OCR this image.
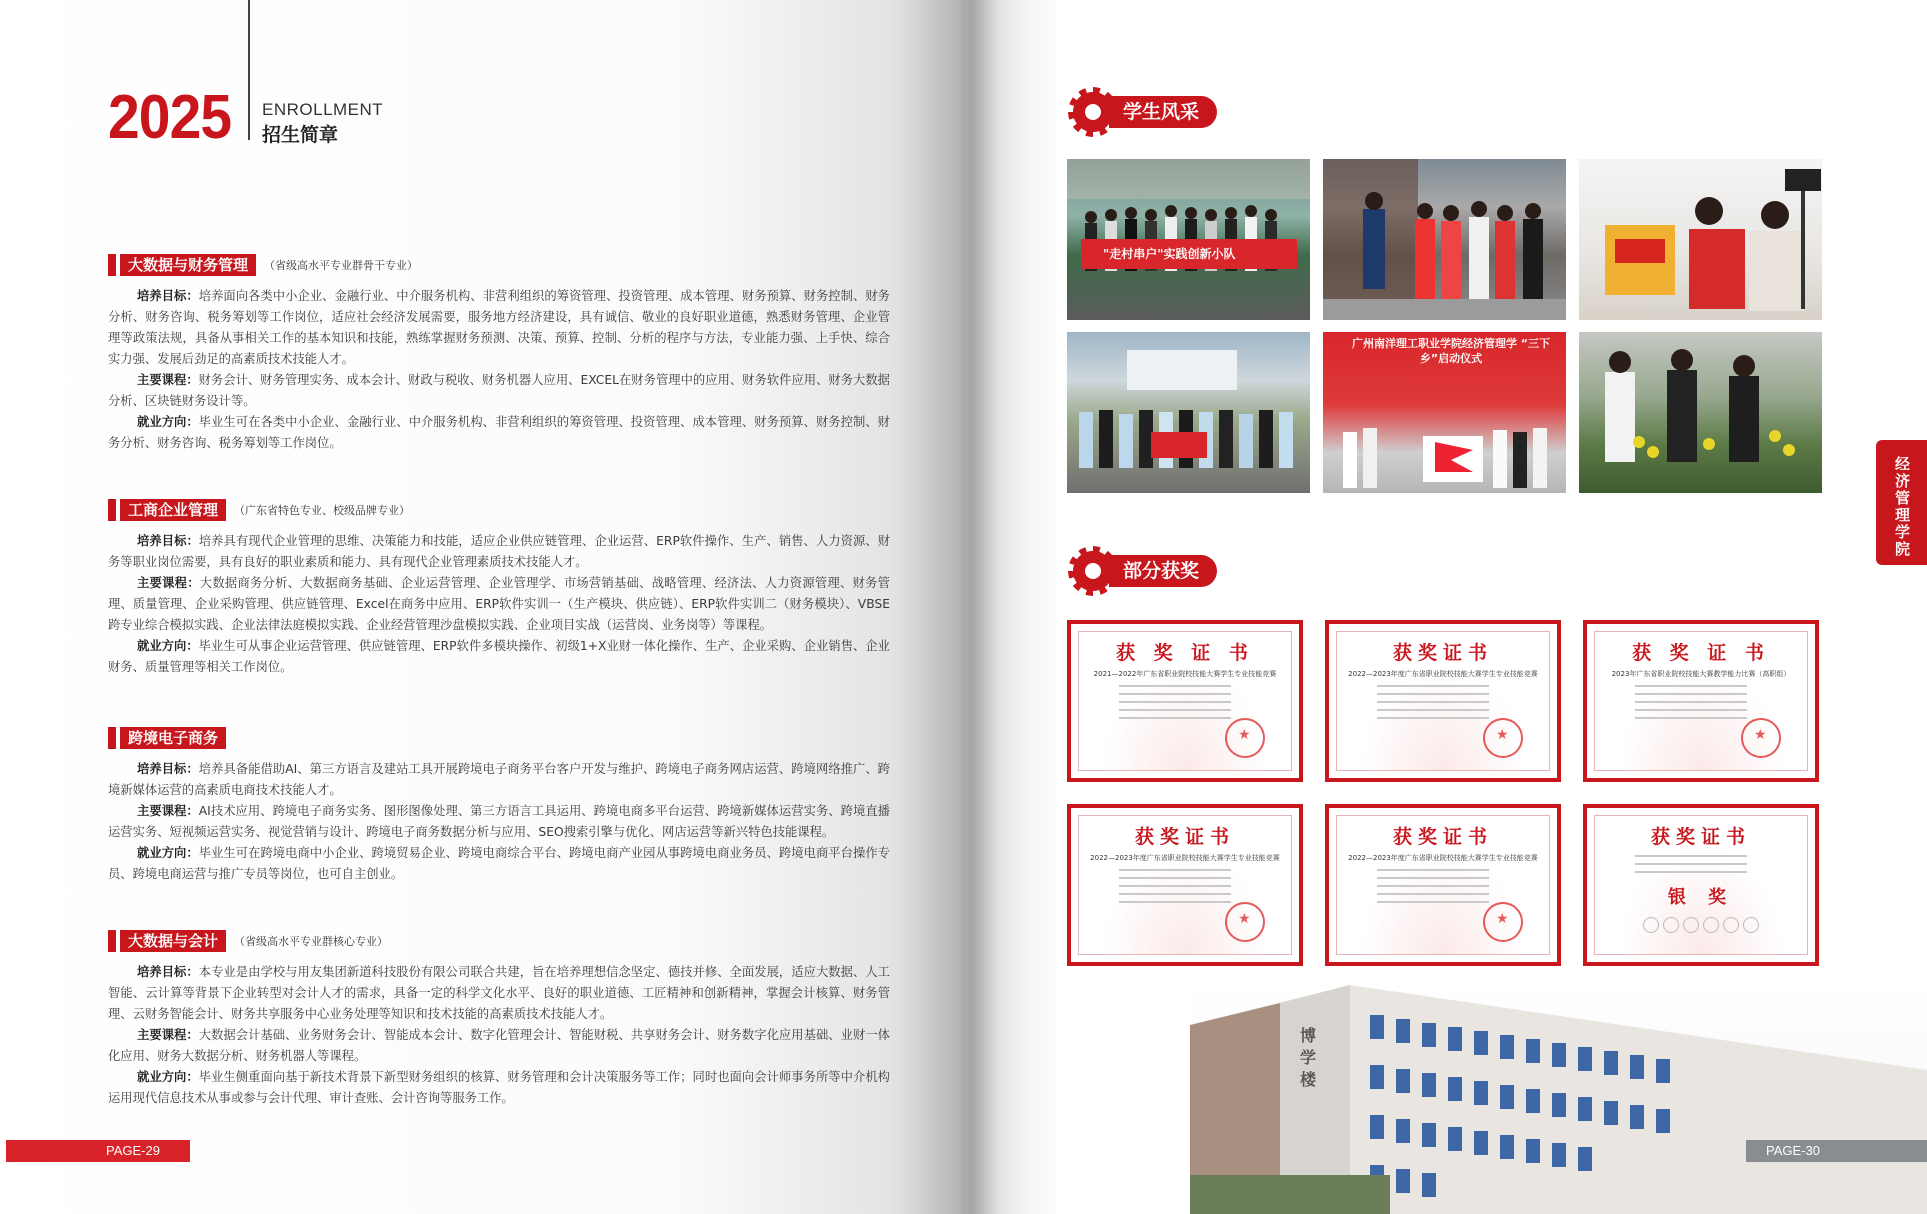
2025 ENROLLMENT
招生简章
大数据与财务管理	（省级高水平专业群骨干专业）

培养目标：培养面向各类中小企业、金融行业、中介服务机构、非营利组织的筹资管理、投资管理、成本管理、财务预算、财务控制、财务分析、财务咨询、税务筹划等工作岗位，适应社会经济发展需要，服务地方经济建设，具有诚信、敬业的良好职业道德，熟悉财务管理、企业管理等政策法规，具备从事相关工作的基本知识和技能，熟练掌握财务预测、决策、预算、控制、分析的程序与方法，专业能力强、上手快、综合实力强、发展后劲足的高素质技术技能人才。

主要课程：财务会计、财务管理实务、成本会计、财政与税收、财务机器人应用、EXCEL在财务管理中的应用、财务软件应用、财务大数据分析、区块链财务设计等。

就业方向：毕业生可在各类中小企业、金融行业、中介服务机构、非营利组织的筹资管理、投资管理、成本管理、财务预算、财务控制、财务分析、财务咨询、税务筹划等工作岗位。

工商企业管理	（广东省特色专业、校级品牌专业）

培养目标：培养具有现代企业管理的思维、决策能力和技能，适应企业供应链管理、企业运营、ERP软件操作、生产、销售、人力资源、财务等职业岗位需要，具有良好的职业素质和能力、具有现代企业管理素质技术技能人才。

主要课程：大数据商务分析、大数据商务基础、企业运营管理、企业管理学、市场营销基础、战略管理、经济法、人力资源管理、财务管理、质量管理、企业采购管理、供应链管理、Excel在商务中应用、ERP软件实训一（生产模块、供应链）、ERP软件实训二（财务模块）、VBSE跨专业综合模拟实践、企业法律法庭模拟实践、企业经营管理沙盘模拟实践、企业项目实战（运营岗、业务岗等）等课程。

就业方向：毕业生可从事企业运营管理、供应链管理、ERP软件多模块操作、初级1+X业财一体化操作、生产、企业采购、企业销售、企业财务、质量管理等相关工作岗位。

跨境电子商务

培养目标：培养具备能借助AI、第三方语言及建站工具开展跨境电子商务平台客户开发与维护、跨境电子商务网店运营、跨境网络推广、跨境新媒体运营的高素质电商技术技能人才。

主要课程：AI技术应用、跨境电子商务实务、图形图像处理、第三方语言工具运用、跨境电商多平台运营、跨境新媒体运营实务、跨境直播运营实务、短视频运营实务、视觉营销与设计、跨境电子商务数据分析与应用、SEO搜索引擎与优化、网店运营等新兴特色技能课程。

就业方向：毕业生可在跨境电商中小企业、跨境贸易企业、跨境电商综合平台、跨境电商产业园从事跨境电商业务员、跨境电商平台操作专员、跨境电商运营与推广专员等岗位，也可自主创业。

大数据与会计	（省级高水平专业群核心专业）

培养目标：本专业是由学校与用友集团新道科技股份有限公司联合共建，旨在培养理想信念坚定、德技并修、全面发展，适应大数据、人工智能、云计算等背景下企业转型对会计人才的需求，具备一定的科学文化水平、良好的职业道德、工匠精神和创新精神，掌握会计核算、财务管理、云财务智能会计、财务共享服务中心业务处理等知识和技术技能的高素质技术技能人才。

主要课程：大数据会计基础、业务财务会计、智能成本会计、数字化管理会计、智能财税、共享财务会计、财务数字化应用基础、业财一体化应用、财务大数据分析、财务机器人等课程。

就业方向：毕业生侧重面向基于新技术背景下新型财务组织的核算、财务管理和会计决策服务等工作；同时也面向会计师事务所等中介机构运用现代信息技术从事或参与会计代理、审计查账、会计咨询等服务工作。

PAGE-29
学生风采
"走村串户"实践创新小队
广州南洋理工职业学院经济管理学 “三下乡”启动仪式
部分获奖
获 奖 证 书
2021—2022年广东省职业院校技能大赛学生专业技能竞赛
★
获奖证书
2022—2023年度广东省职业院校技能大赛学生专业技能竞赛
★
获 奖 证 书
2023年广东省职业院校技能大赛教学能力比赛（高职组）
★
获奖证书
2022—2023年度广东省职业院校技能大赛学生专业技能竞赛
★
获奖证书
2022—2023年度广东省职业院校技能大赛学生专业技能竞赛
★
获奖证书
银 奖
经济管理学院
博学楼
PAGE-30
